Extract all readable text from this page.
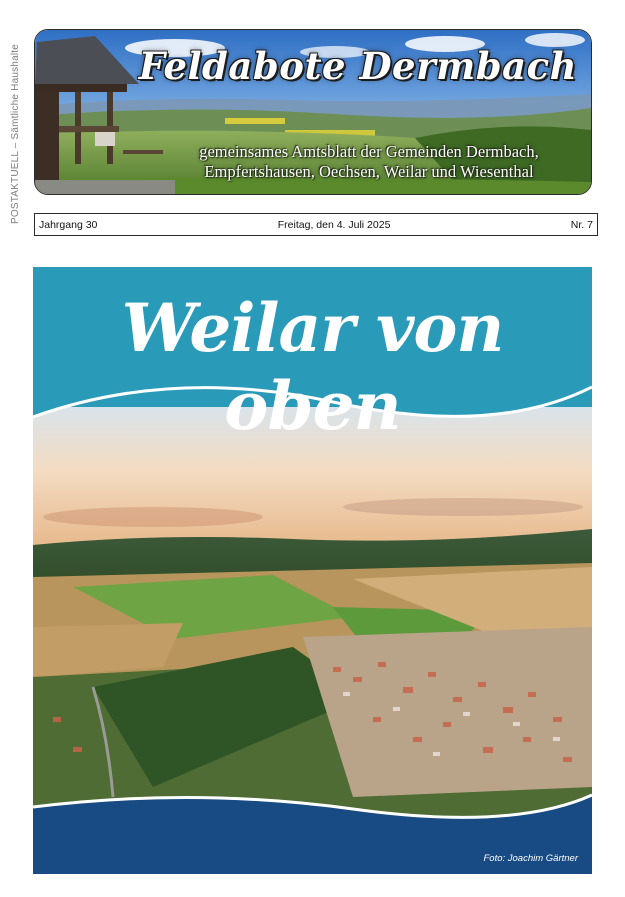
POSTAKTUELL – Sämtliche Haushalte	Feldabote Dermbach
gemeinsames Amtsblatt der Gemeinden Dermbach,
Empfertshausen, Oechsen, Weilar und Wiesenthal
Jahrgang 30	Freitag, den 4. Juli 2025	Nr. 7
Weilar von oben
Foto: Joachim Gärtner
